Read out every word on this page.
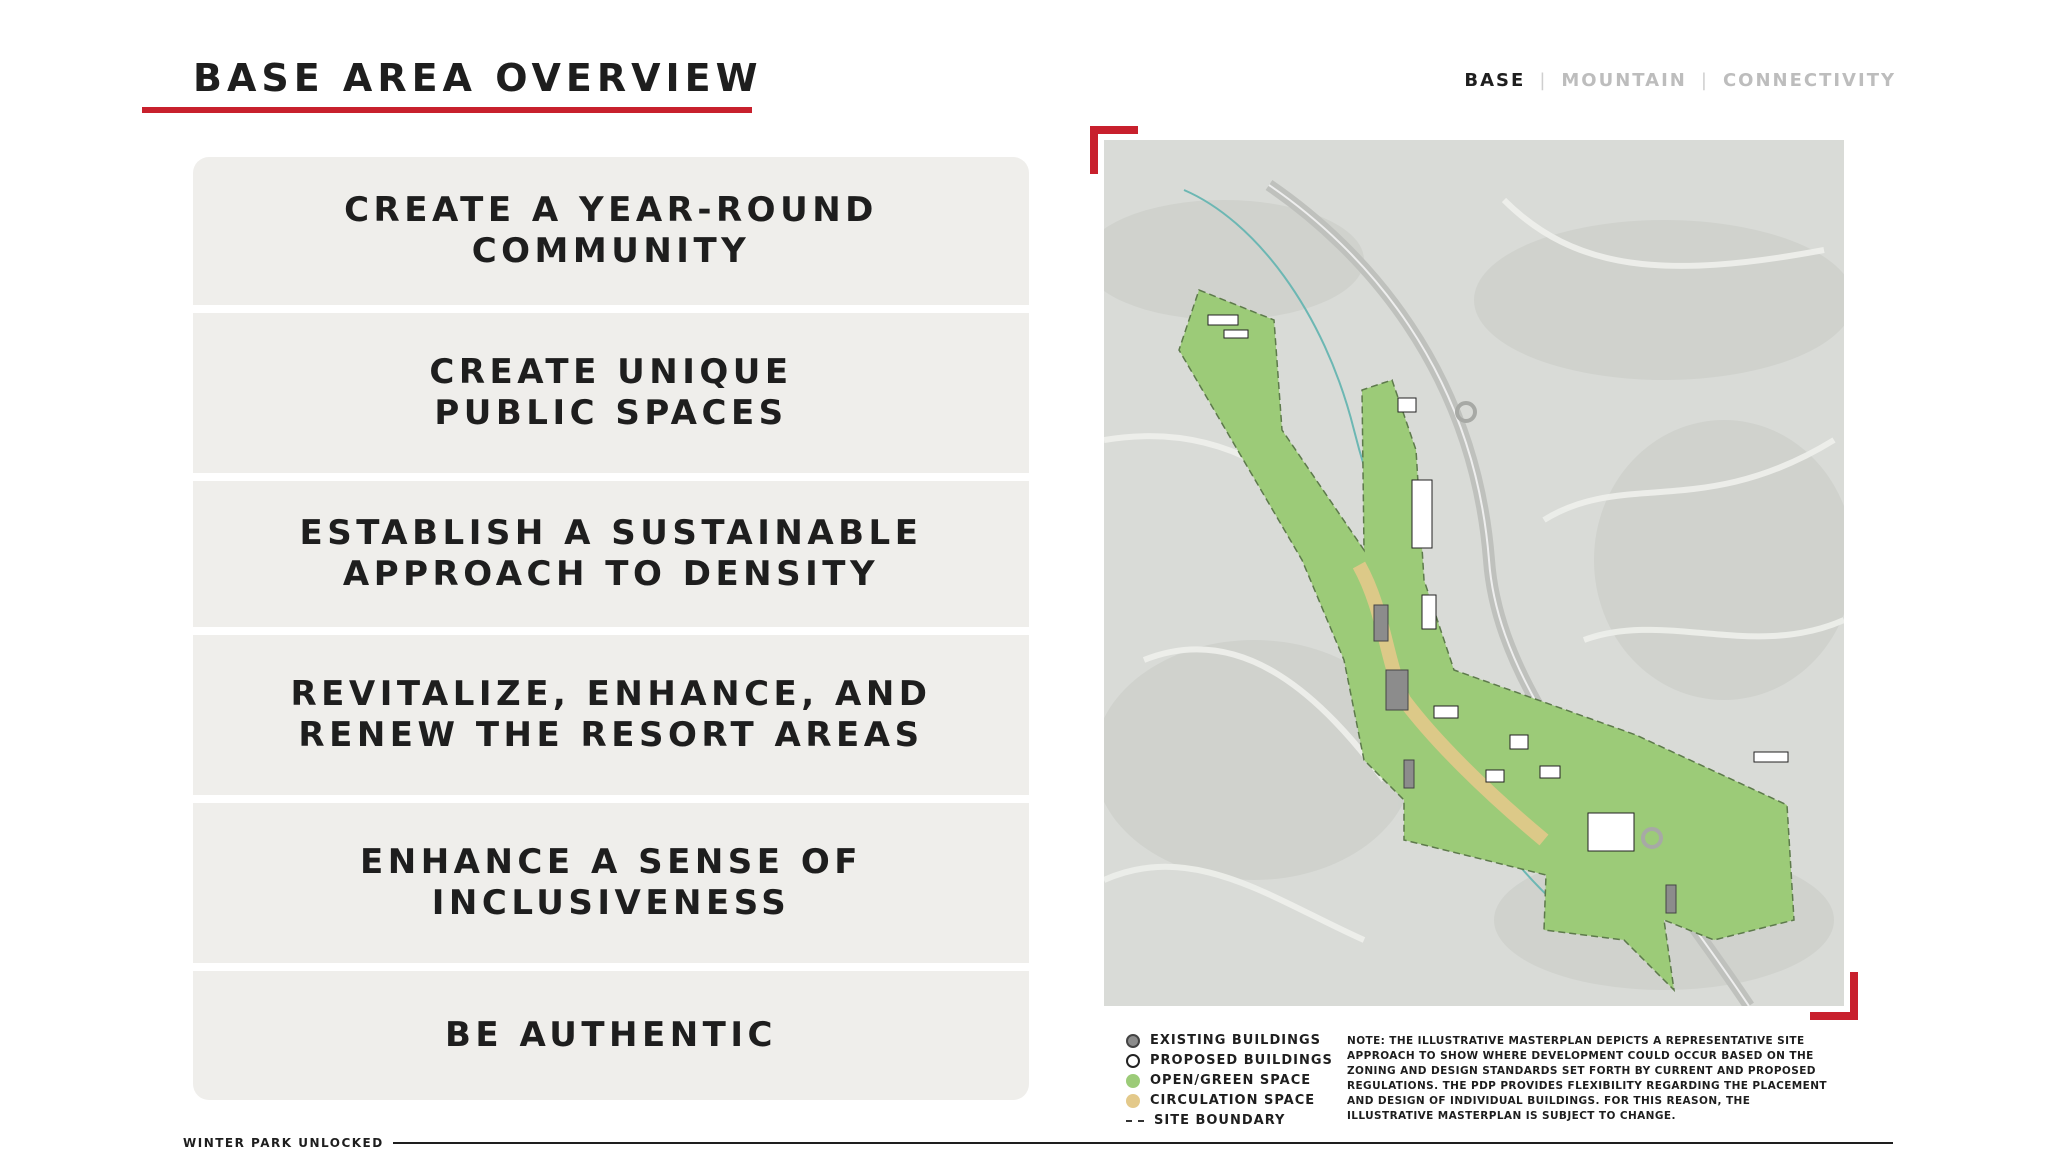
BASE AREA OVERVIEW	BASE | MOUNTAIN | CONNECTIVITY
CREATE A YEAR-ROUND
COMMUNITY
CREATE UNIQUE
PUBLIC SPACES
ESTABLISH A SUSTAINABLE
APPROACH TO DENSITY
REVITALIZE, ENHANCE, AND
RENEW THE RESORT AREAS
ENHANCE A SENSE OF
INCLUSIVENESS
BE AUTHENTIC	EXISTING BUILDINGS
PROPOSED BUILDINGS
OPEN/GREEN SPACE
CIRCULATION SPACE
SITE BOUNDARY

NOTE: THE ILLUSTRATIVE MASTERPLAN DEPICTS A REPRESENTATIVE SITE APPROACH TO SHOW WHERE DEVELOPMENT COULD OCCUR BASED ON THE ZONING AND DESIGN STANDARDS SET FORTH BY CURRENT AND PROPOSED REGULATIONS. THE PDP PROVIDES FLEXIBILITY REGARDING THE PLACEMENT AND DESIGN OF INDIVIDUAL BUILDINGS. FOR THIS REASON, THE ILLUSTRATIVE MASTERPLAN IS SUBJECT TO CHANGE.

WINTER PARK UNLOCKED
